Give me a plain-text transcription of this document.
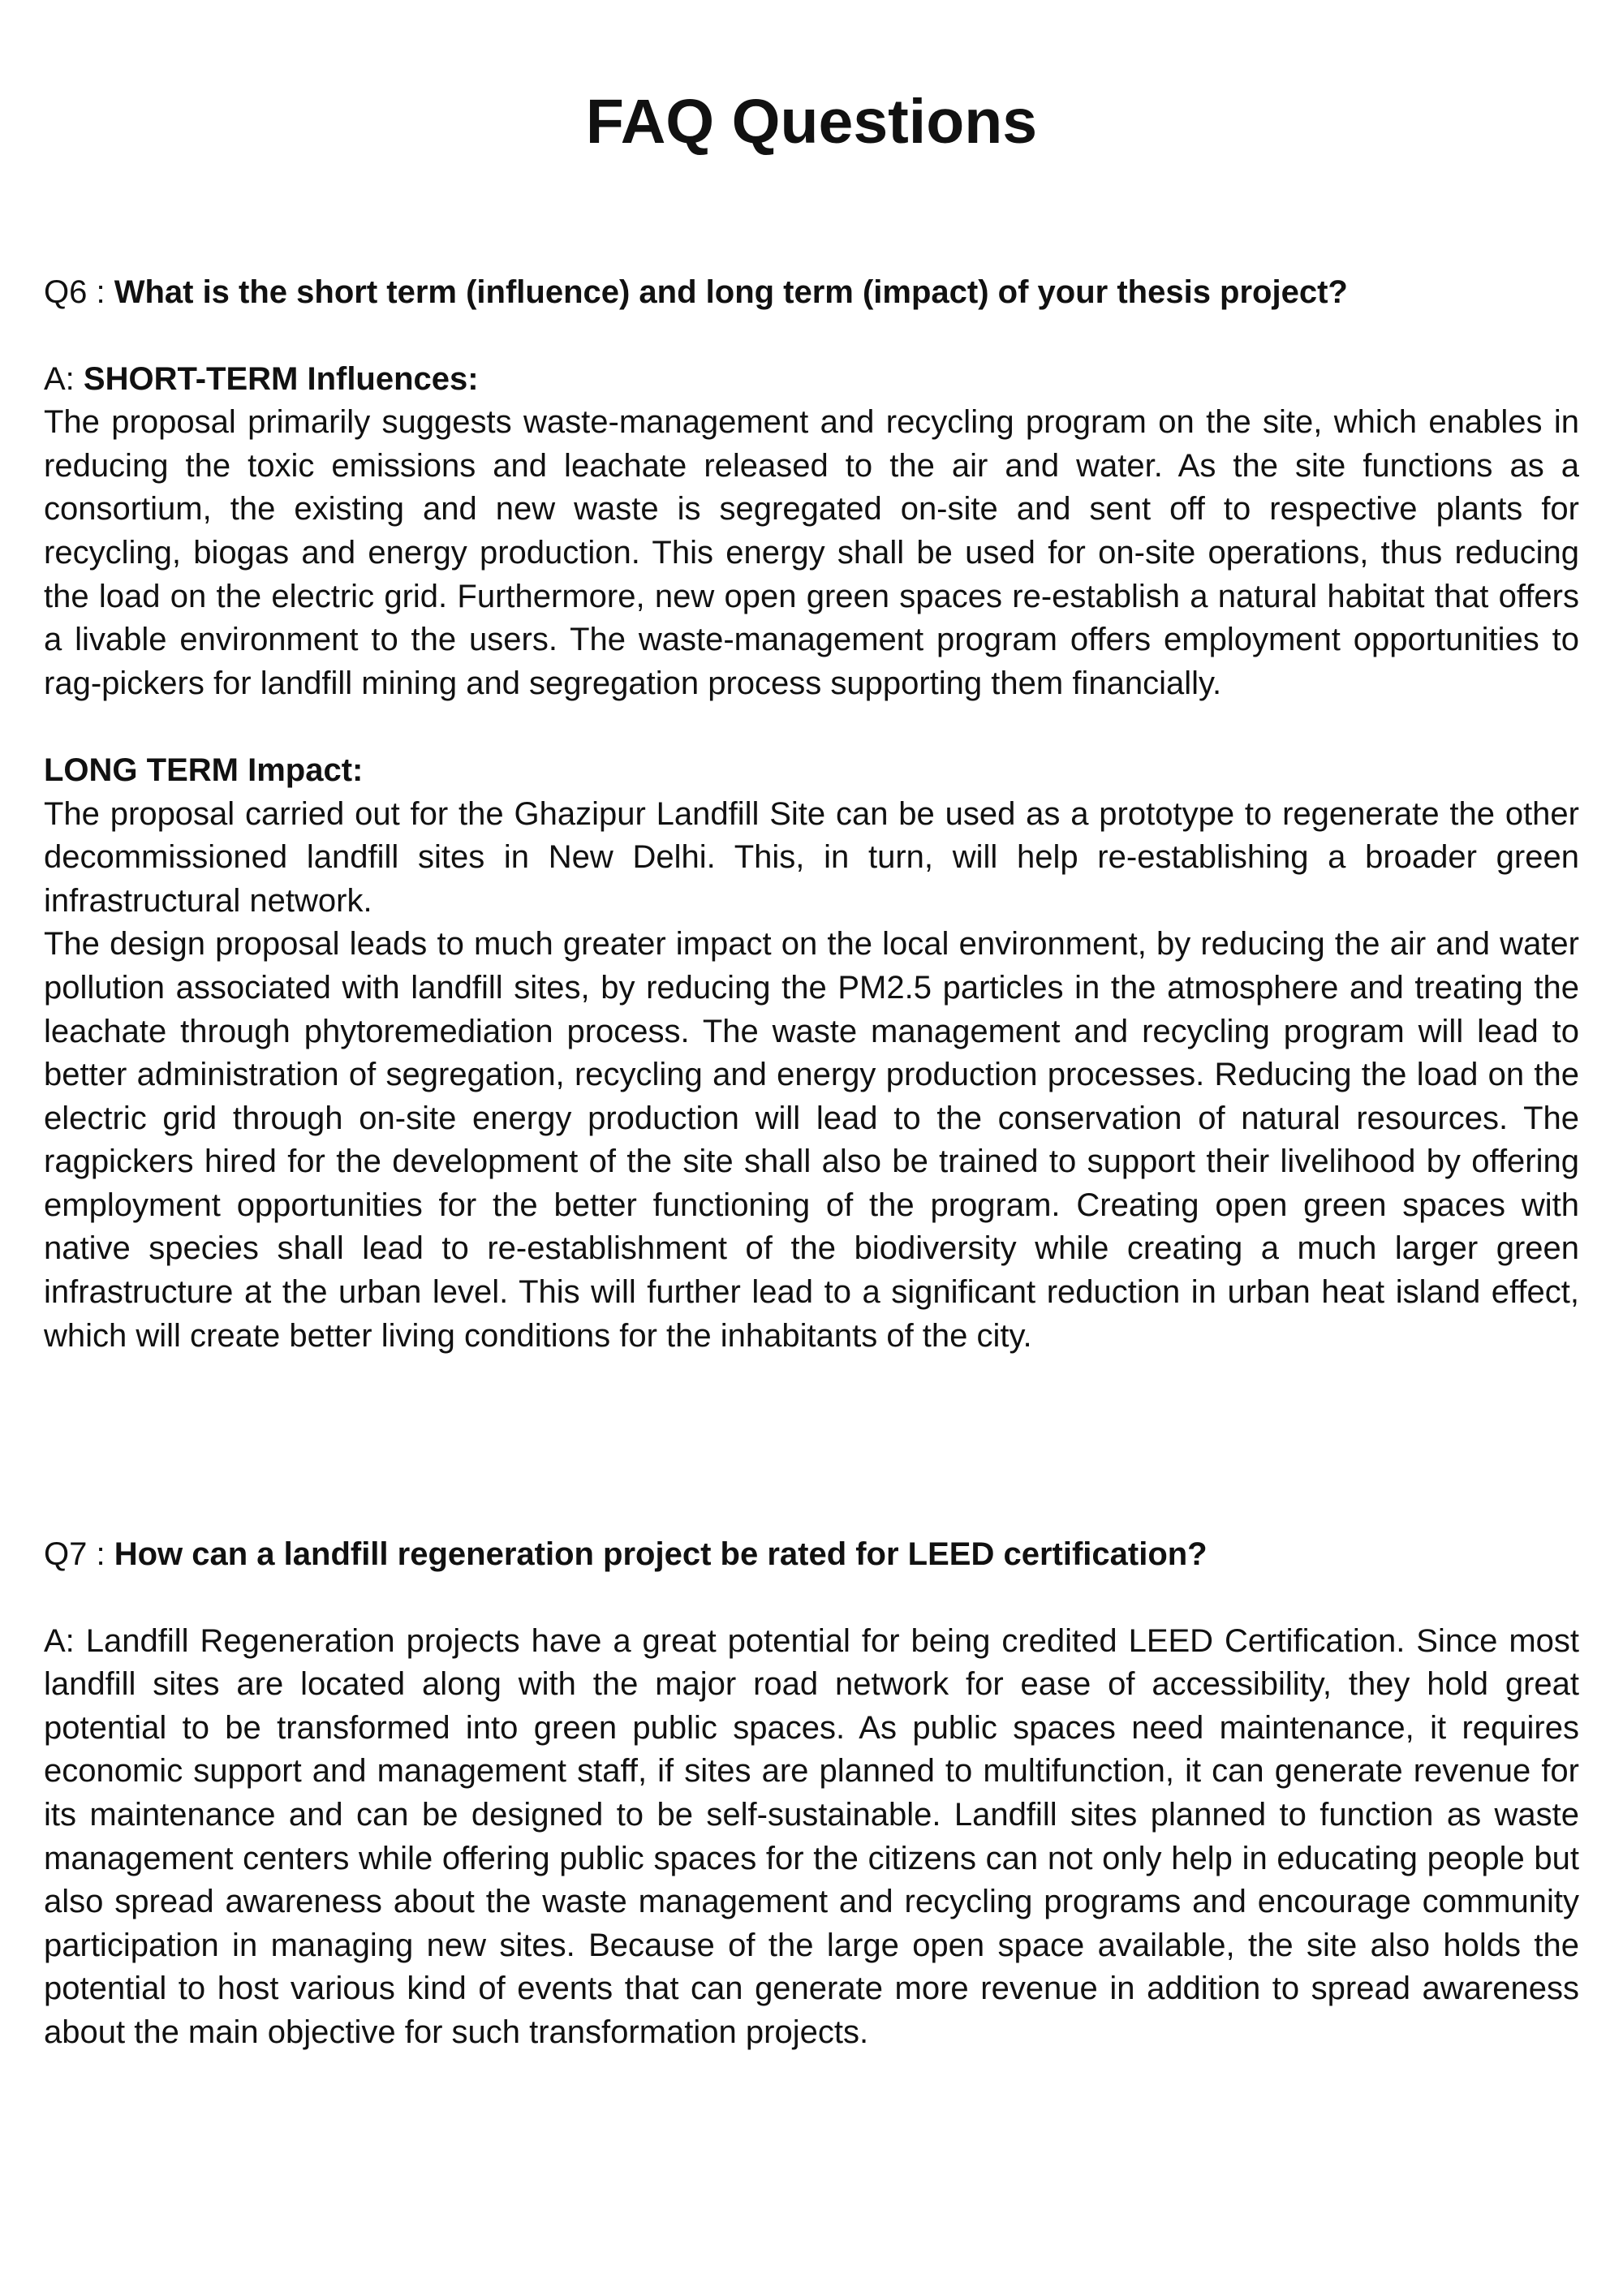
FAQ Questions

Q6 : What is the short term (influence) and long term (impact) of your thesis project?

A: SHORT-TERM Influences:

The proposal primarily suggests waste-management and recycling program on the site, which enables in reducing the toxic emissions and leachate released to the air and water. As the site functions as a consortium, the existing and new waste is segregated on-site and sent off to respective plants for recycling, biogas and energy production. This energy shall be used for on-site operations, thus reducing the load on the electric grid. Furthermore, new open green spaces re-establish a natural habitat that offers a livable environment to the users. The waste-management program offers employment opportunities to rag-pickers for landfill mining and segregation process supporting them financially.

LONG TERM Impact:

The proposal carried out for the Ghazipur Landfill Site can be used as a prototype to regenerate the other decommissioned landfill sites in New Delhi. This, in turn, will help re-establishing a broader green infrastructural network.

The design proposal leads to much greater impact on the local environment, by reducing the air and water pollution associated with landfill sites, by reducing the PM2.5 particles in the atmosphere and treating the leachate through phytoremediation process. The waste management and recycling program will lead to better administration of segregation, recycling and energy production processes. Reducing the load on the electric grid through on-site energy production will lead to the conservation of natural resources. The ragpickers hired for the development of the site shall also be trained to support their livelihood by offering employment opportunities for the better functioning of the program. Creating open green spaces with native species shall lead to re-establishment of the biodiversity while creating a much larger green infrastructure at the urban level. This will further lead to a significant reduction in urban heat island effect, which will create better living conditions for the inhabitants of the city.

Q7 : How can a landfill regeneration project be rated for LEED certification?

A: Landfill Regeneration projects have a great potential for being credited LEED Certification. Since most landfill sites are located along with the major road network for ease of accessibility, they hold great potential to be transformed into green public spaces. As public spaces need maintenance, it requires economic support and management staff, if sites are planned to multifunction, it can generate revenue for its maintenance and can be designed to be self-sustainable. Landfill sites planned to function as waste management centers while offering public spaces for the citizens can not only help in educating people but also spread awareness about the waste management and recycling programs and encourage community participation in managing new sites. Because of the large open space available, the site also holds the potential to host various kind of events that can generate more revenue in addition to spread awareness about the main objective for such transformation projects.
